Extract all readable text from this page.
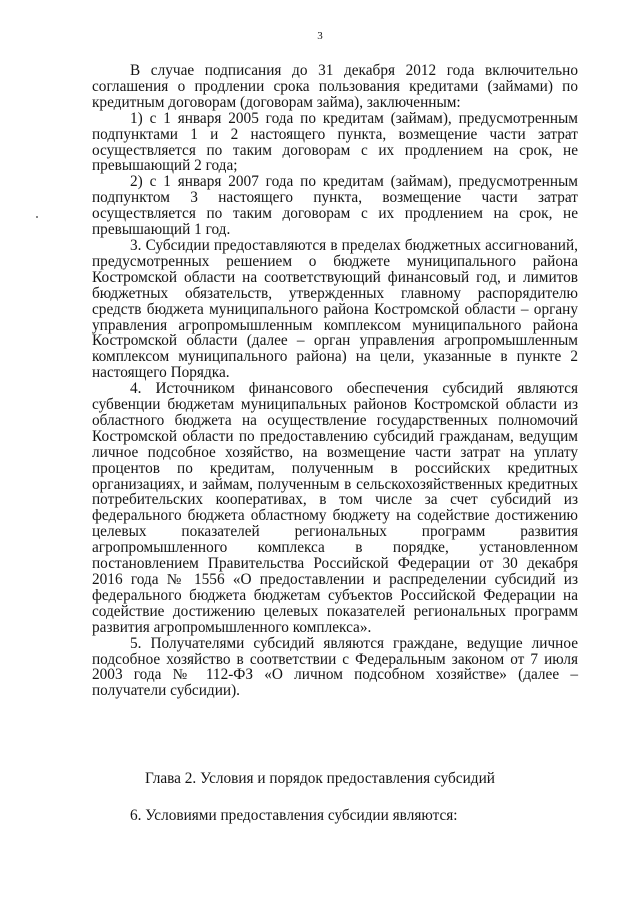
3

В случае подписания до 31 декабря 2012 года включительно соглашения о продлении срока пользования кредитами (займами) по кредитным договорам (договорам займа), заключенным:

1) с 1 января 2005 года по кредитам (займам), предусмотренным подпунктами 1 и 2 настоящего пункта, возмещение части затрат осуществляется по таким договорам с их продлением на срок, не превышающий 2 года;

2) с 1 января 2007 года по кредитам (займам), предусмотренным подпунктом 3 настоящего пункта, возмещение части затрат осуществляется по таким договорам с их продлением на срок, не превышающий 1 год.

3. Субсидии предоставляются в пределах бюджетных ассигнований, предусмотренных решением о бюджете муниципального района Костромской области на соответствующий финансовый год, и лимитов бюджетных обязательств, утвержденных главному распорядителю средств бюджета муниципального района Костромской области – органу управления агропромышленным комплексом муниципального района Костромской области (далее – орган управления агропромышленным комплексом муниципального района) на цели, указанные в пункте 2 настоящего Порядка.

4. Источником финансового обеспечения субсидий являются субвенции бюджетам муниципальных районов Костромской области из областного бюджета на осуществление государственных полномочий Костромской области по предоставлению субсидий гражданам, ведущим личное подсобное хозяйство, на возмещение части затрат на уплату процентов по кредитам, полученным в российских кредитных организациях, и займам, полученным в сельскохозяйственных кредитных потребительских кооперативах, в том числе за счет субсидий из федерального бюджета областному бюджету на содействие достижению целевых показателей региональных программ развития агропромышленного комплекса в порядке, установленном постановлением Правительства Российской Федерации от 30 декабря 2016 года № 1556 «О предоставлении и распределении субсидий из федерального бюджета бюджетам субъектов Российской Федерации на содействие достижению целевых показателей региональных программ развития агропромышленного комплекса».

5. Получателями субсидий являются граждане, ведущие личное подсобное хозяйство в соответствии с Федеральным законом от 7 июля 2003 года № 112-ФЗ «О личном подсобном хозяйстве» (далее – получатели субсидии).

Глава 2. Условия и порядок предоставления субсидий
6. Условиями предоставления субсидии являются:
